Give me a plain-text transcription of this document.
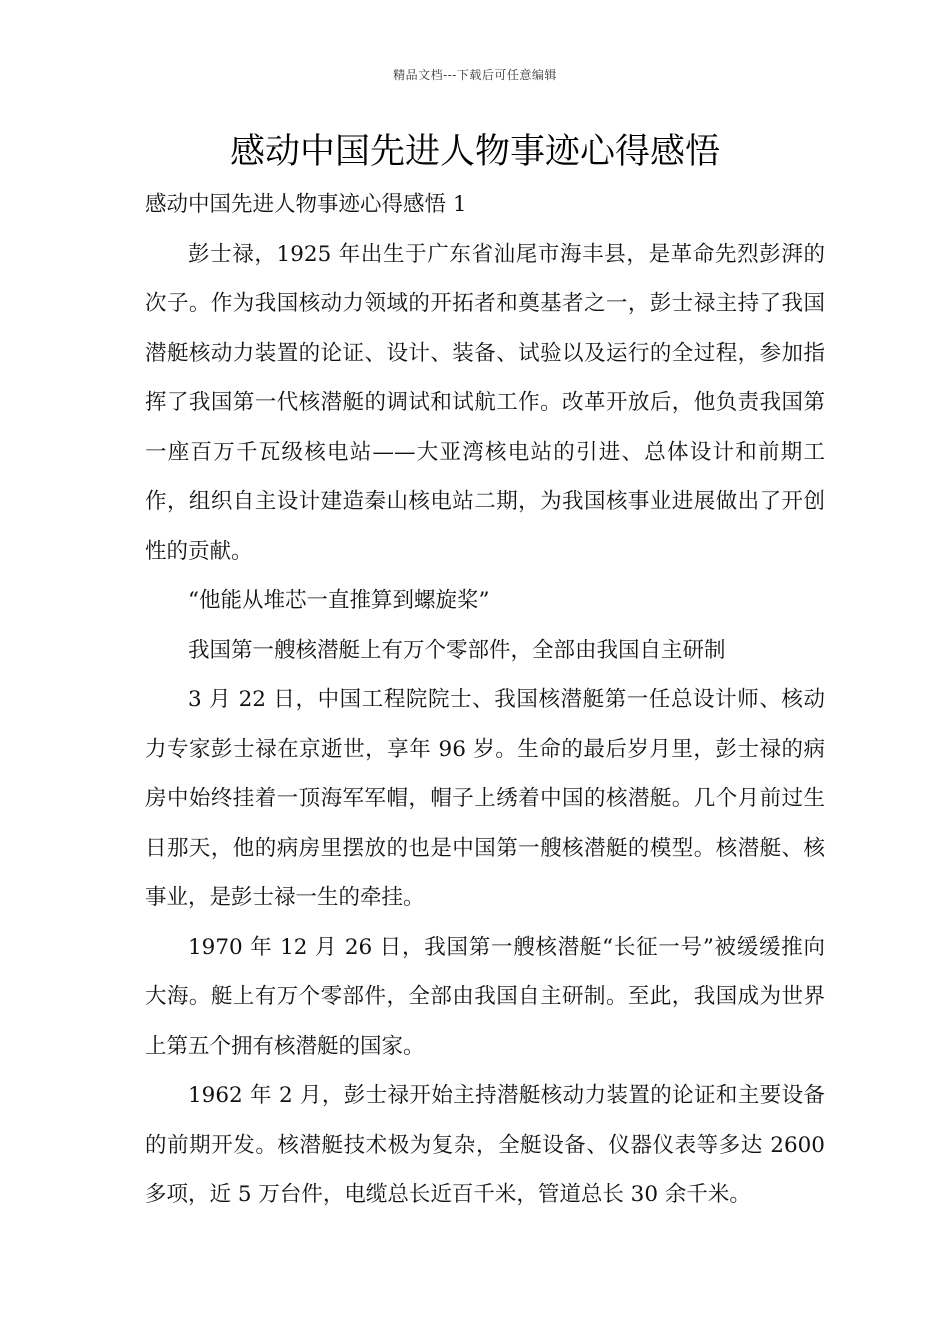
精品文档---下载后可任意编辑
感动中国先进人物事迹心得感悟

感动中国先进人物事迹心得感悟 1

彭士禄，1925 年出生于广东省汕尾市海丰县，是革命先烈彭湃的次子。作为我国核动力领域的开拓者和奠基者之一，彭士禄主持了我国潜艇核动力装置的论证、设计、装备、试验以及运行的全过程，参加指挥了我国第一代核潜艇的调试和试航工作。改革开放后，他负责我国第一座百万千瓦级核电站——大亚湾核电站的引进、总体设计和前期工作，组织自主设计建造秦山核电站二期，为我国核事业进展做出了开创性的贡献。

“他能从堆芯一直推算到螺旋桨”

我国第一艘核潜艇上有万个零部件，全部由我国自主研制

3 月 22 日，中国工程院院士、我国核潜艇第一任总设计师、核动力专家彭士禄在京逝世，享年 96 岁。生命的最后岁月里，彭士禄的病房中始终挂着一顶海军军帽，帽子上绣着中国的核潜艇。几个月前过生日那天，他的病房里摆放的也是中国第一艘核潜艇的模型。核潜艇、核事业，是彭士禄一生的牵挂。

1970 年 12 月 26 日，我国第一艘核潜艇“长征一号”被缓缓推向大海。艇上有万个零部件，全部由我国自主研制。至此，我国成为世界上第五个拥有核潜艇的国家。

1962 年 2 月，彭士禄开始主持潜艇核动力装置的论证和主要设备的前期开发。核潜艇技术极为复杂，全艇设备、仪器仪表等多达 2600 多项，近 5 万台件，电缆总长近百千米，管道总长 30 余千米。
